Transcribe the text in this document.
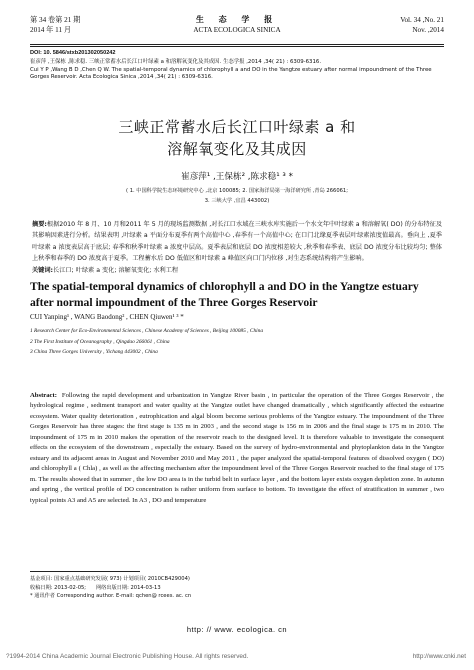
第 34 卷第 21 期
2014 年 11 月
生 态 学 报
ACTA ECOLOGICA SINICA
Vol. 34 ,No. 21
Nov. ,2014
DOI: 10. 5846/stxb201302050242
崔彦萍 ,王保栋 ,陈求稳. 三峡正常蓄水后长江口叶绿素 a 和溶解氧变化及其成因. 生态学报 ,2014 ,34( 21) : 6309-6316.
Cui Y P ,Wang B D ,Chen Q W. The spatial-temporal dynamics of chlorophyll a and DO in the Yangtze estuary after normal impoundment of the Three
Gorges Reservoir. Acta Ecologica Sinica ,2014 ,34( 21) : 6309-6316.
三峡正常蓄水后长江口叶绿素 a 和
溶解氧变化及其成因
崔彦萍¹ ,王保栋² ,陈求稳¹ ³ *
( 1. 中国科学院生态环境研究中心 ,北京 100085; 2. 国家海洋局第一海洋研究所 ,青岛 266061;
3. 三峡大学 ,宜昌 443002)
摘要:根据2010 年 8 月、10 月和2011 年 5 月的现场监测数据 ,对长江口水域在三峡水库实施后一个水文年中叶绿素 a 和溶解氧( DO) 的分布特征及其影响因素进行分析。结果表明 ,叶绿素 a 平面分布夏季有两个高值中心 ,春季有一个高值中心; 在口门北缘夏季表层叶绿素浓度值最高。垂向上 ,夏季叶绿素 a 浓度表层高于底层; 春季和秋季叶绿素 a 浓度中层高。夏季表层和底层 DO 浓度相差较大 ,秋季和春季表、底层 DO 浓度分布比较均匀; 整体上秋季和春季的 DO 浓度高于夏季。工程蓄水后 DO 低值区和叶绿素 a 峰值区向口门内位移 ,对生态系统结构将产生影响。
关键词:长江口; 叶绿素 a 变化; 溶解氧变化; 水利工程
The spatial-temporal dynamics of chlorophyll a and DO in the Yangtze estuary
after normal impoundment of the Three Gorges Reservoir
CUI Yanping¹ , WANG Baodong² , CHEN Qiuwen¹ ³ *
1 Research Center for Eco-Environmental Sciences , Chinese Academy of Sciences , Beijing 100085 , China
2 The First Institute of Oceanography , Qingdao 266061 , China
3 China Three Gorges University , Yichang 443002 , China
Abstract: Following the rapid development and urbanization in Yangtze River basin , in particular the operation of the Three Gorges Reservoir , the hydrological regime , sediment transport and water quality at the Yangtze outlet have changed dramatically , which significantly affected the estuarine ecosystem. Water quality deterioration , eutrophication and algal bloom become serious problems of the Yangtze estuary. The impoundment of the Three Gorges Reservoir has three stages: the first stage is 135 m in 2003 , and the second stage is 156 m in 2006 and the final stage is 175 m in 2010. The impoundment of 175 m in 2010 makes the operation of the reservoir reach to the designed level. It is therefore valuable to investigate the consequent effects on the ecosystem of the downstream , especially the estuary. Based on the survey of hydro-environmental and phytoplankton data in the Yangtze estuary and its adjacent areas in August and November 2010 and May 2011 , the paper analyzed the spatial-temporal features of dissolved oxygen ( DO) and chlorophyll a ( Chla) , as well as the affecting mechanism after the impoundment level of the Three Gorges Reservoir reached to the final stage of 175 m. The results showed that in summer , the low DO area is in the turbid belt in surface layer , and the bottom layer exists oxygen depletion zone. In autumn and spring , the vertical profile of DO concentration is rather uniform from surface to bottom. To investigate the effect of stratification in summer , two typical points A3 and A5 are selected. In A3 , DO and temperature
基金项目: 国家重点基础研究发展( 973) 计划项目( 2010CB429004)
收稿日期: 2013-02-05; 网络出版日期: 2014-03-13
* 通讯作者 Corresponding author. E-mail: qchen@ rcees. ac. cn
http: // www. ecologica. cn
?1994-2014 China Academic Journal Electronic Publishing House. All rights reserved.	http://www.cnki.net
